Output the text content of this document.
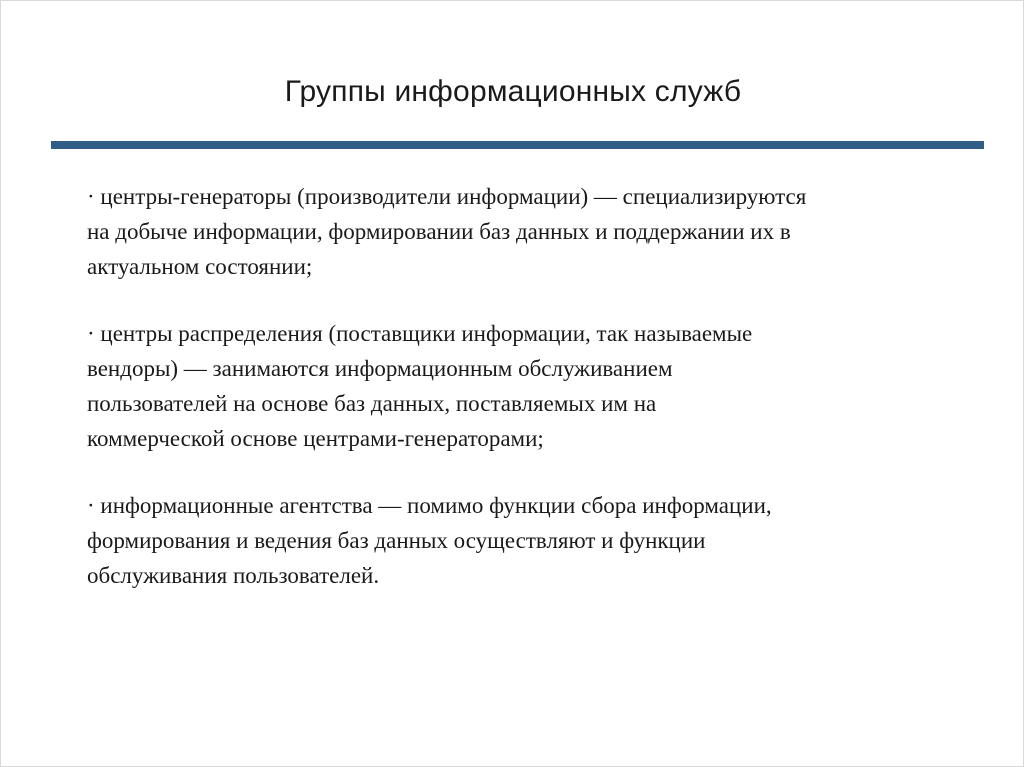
Группы информационных служб
· центры-генераторы (производители информации) — специализируются
на добыче информации, формировании баз данных и поддержании их в
актуальном состоянии;
· центры распределения (поставщики информации, так называемые
вендоры) — занимаются информационным обслуживанием
пользователей на основе баз данных, поставляемых им на
коммерческой основе центрами-генераторами;
· информационные агентства — помимо функции сбора информации,
формирования и ведения баз данных осуществляют и функции
обслуживания пользователей.
